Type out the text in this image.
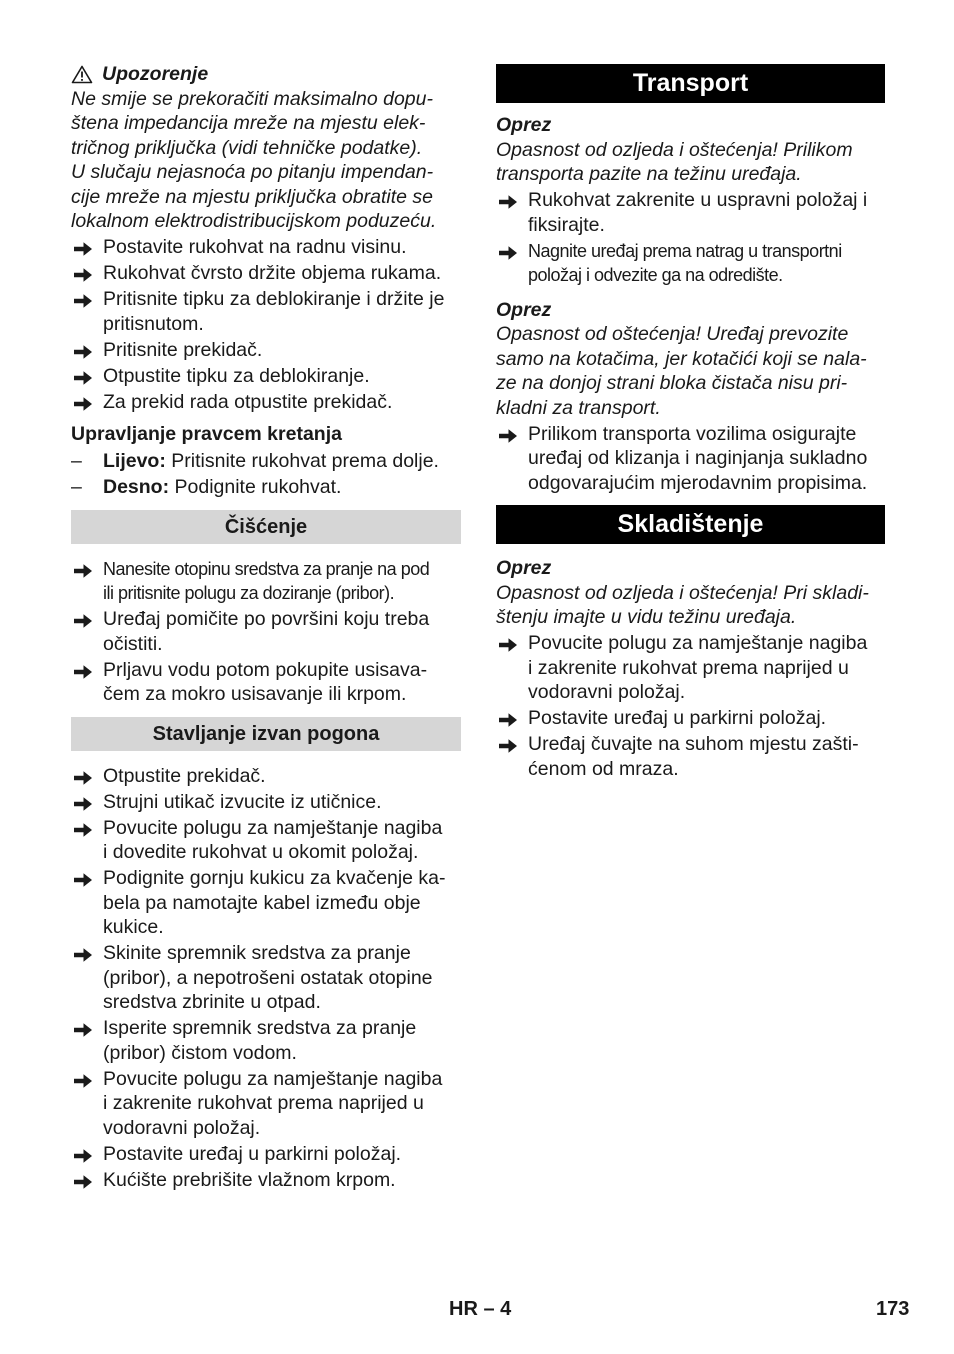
Upozorenje

Ne smije se prekoračiti maksimalno dopu-

štena impedancija mreže na mjestu elek-

tričnog priključka (vidi tehničke podatke).

U slučaju nejasnoća po pitanju impendan-

cije mreže na mjestu priključka obratite se

lokalnom elektrodistribucijskom poduzeću.

Postavite rukohvat na radnu visinu.

Rukohvat čvrsto držite objema rukama.

Pritisnite tipku za deblokiranje i držite je

pritisnutom.

Pritisnite prekidač.

Otpustite tipku za deblokiranje.

Za prekid rada otpustite prekidač.

Upravljanje pravcem kretanja

– Lijevo: Pritisnite rukohvat prema dolje.
– Desno: Podignite rukohvat.
Čišćenje

Nanesite otopinu sredstva za pranje na pod

ili pritisnite polugu za doziranje (pribor).

Uređaj pomičite po površini koju treba

očistiti.

Prljavu vodu potom pokupite usisava-

čem za mokro usisavanje ili krpom.

Stavljanje izvan pogona

Otpustite prekidač.

Strujni utikač izvucite iz utičnice.

Povucite polugu za namještanje nagiba

i dovedite rukohvat u okomit položaj.

Podignite gornju kukicu za kvačenje ka-

bela pa namotajte kabel između obje

kukice.

Skinite spremnik sredstva za pranje

(pribor), a nepotrošeni ostatak otopine

sredstva zbrinite u otpad.

Isperite spremnik sredstva za pranje

(pribor) čistom vodom.

Povucite polugu za namještanje nagiba

i zakrenite rukohvat prema naprijed u

vodoravni položaj.

Postavite uređaj u parkirni položaj.

Kućište prebrišite vlažnom krpom.

Transport

Oprez

Opasnost od ozljeda i oštećenja! Prilikom

transporta pazite na težinu uređaja.

Rukohvat zakrenite u uspravni položaj i

fiksirajte.

Nagnite uređaj prema natrag u transportni

položaj i odvezite ga na odredište.

Oprez

Opasnost od oštećenja! Uređaj prevozite

samo na kotačima, jer kotačići koji se nala-

ze na donjoj strani bloka čistača nisu pri-

kladni za transport.

Prilikom transporta vozilima osigurajte

uređaj od klizanja i naginjanja sukladno

odgovarajućim mjerodavnim propisima.

Skladištenje

Oprez

Opasnost od ozljeda i oštećenja! Pri skladi-

štenju imajte u vidu težinu uređaja.

Povucite polugu za namještanje nagiba

i zakrenite rukohvat prema naprijed u

vodoravni položaj.

Postavite uređaj u parkirni položaj.

Uređaj čuvajte na suhom mjestu zašti-

ćenom od mraza.

HR – 4	173
